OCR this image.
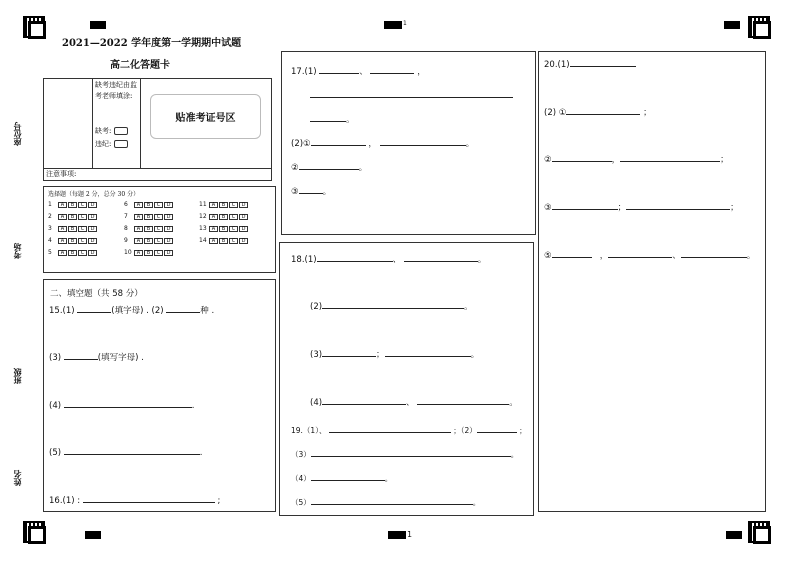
1
1
2021—2022 学年度第一学期期中试题
高二化答题卡
座位号
考场
班级
姓名
缺考违纪由监考老师填涂:
缺考:
违纪:
贴准考证号区
注意事项:
选择题（每题 2 分，总分 30 分）
1 A B C D
2 A B C D
3 A B C D
4 A B C D
5 A B C D
6 A B C D
7 A B C D
8 A B C D
9 A B C D
10 A B C D
11 A B C D
12 A B C D
13 A B C D
14 A B C D
二、填空题（共 58 分）
15.(1)	(填字母) . (2)	种 .
(3)	(填写字母) .
(4)	.
(5)	.
16.(1) :	;
17.(1)	、	，
。
(2)①	，	。
②	。
③	。
18.(1)	、	。
(2)	。
(3)	；	。
(4)	、	。
19.（1）、	；（2）	；
（3）	。
（4）	。
（5）	。
20.(1)
(2) ①	；
②	，	；
③	；	；
⑤	，	、	。
